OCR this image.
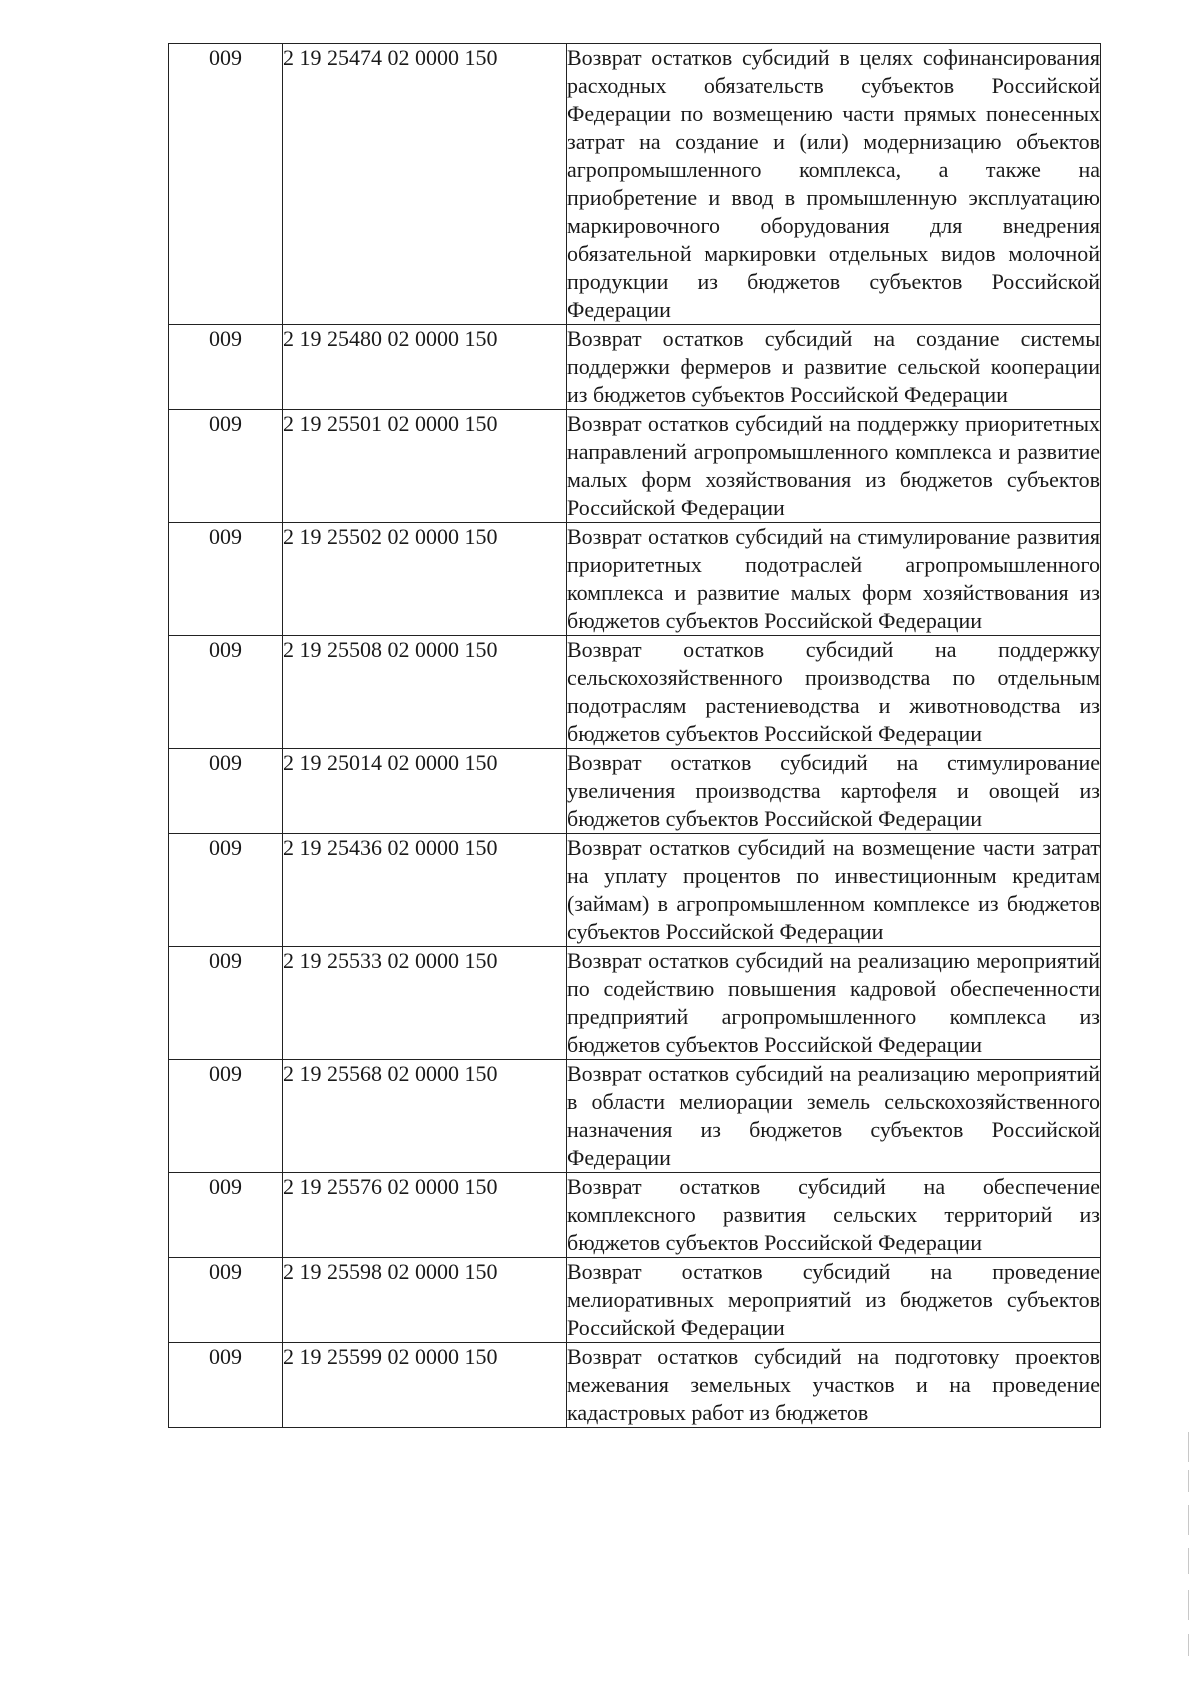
009	2 19 25474 02 0000 150	Возврат остатков субсидий в целях софинансирования расходных обязательств субъектов Российской Федерации по возмещению части прямых понесенных затрат на создание и (или) модернизацию объектов агропромышленного комплекса, а также на приобретение и ввод в промышленную эксплуатацию маркировочного оборудования для внедрения обязательной маркировки отдельных видов молочной продукции из бюджетов субъектов Российской Федерации
009	2 19 25480 02 0000 150	Возврат остатков субсидий на создание системы поддержки фермеров и развитие сельской кооперации из бюджетов субъектов Российской Федерации
009	2 19 25501 02 0000 150	Возврат остатков субсидий на поддержку приоритетных направлений агропромышленного комплекса и развитие малых форм хозяйствования из бюджетов субъектов Российской Федерации
009	2 19 25502 02 0000 150	Возврат остатков субсидий на стимулирование развития приоритетных подотраслей агропромышленного комплекса и развитие малых форм хозяйствования из бюджетов субъектов Российской Федерации
009	2 19 25508 02 0000 150	Возврат остатков субсидий на поддержку сельскохозяйственного производства по отдельным подотраслям растениеводства и животноводства из бюджетов субъектов Российской Федерации
009	2 19 25014 02 0000 150	Возврат остатков субсидий на стимулирование увеличения производства картофеля и овощей из бюджетов субъектов Российской Федерации
009	2 19 25436 02 0000 150	Возврат остатков субсидий на возмещение части затрат на уплату процентов по инвестиционным кредитам (займам) в агропромышленном комплексе из бюджетов субъектов Российской Федерации
009	2 19 25533 02 0000 150	Возврат остатков субсидий на реализацию мероприятий по содействию повышения кадровой обеспеченности предприятий агропромышленного комплекса из бюджетов субъектов Российской Федерации
009	2 19 25568 02 0000 150	Возврат остатков субсидий на реализацию мероприятий в области мелиорации земель сельскохозяйственного назначения из бюджетов субъектов Российской Федерации
009	2 19 25576 02 0000 150	Возврат остатков субсидий на обеспечение комплексного развития сельских территорий из бюджетов субъектов Российской Федерации
009	2 19 25598 02 0000 150	Возврат остатков субсидий на проведение мелиоративных мероприятий из бюджетов субъектов Российской Федерации
009	2 19 25599 02 0000 150	Возврат остатков субсидий на подготовку проектов межевания земельных участков и на проведение кадастровых работ из бюджетов
